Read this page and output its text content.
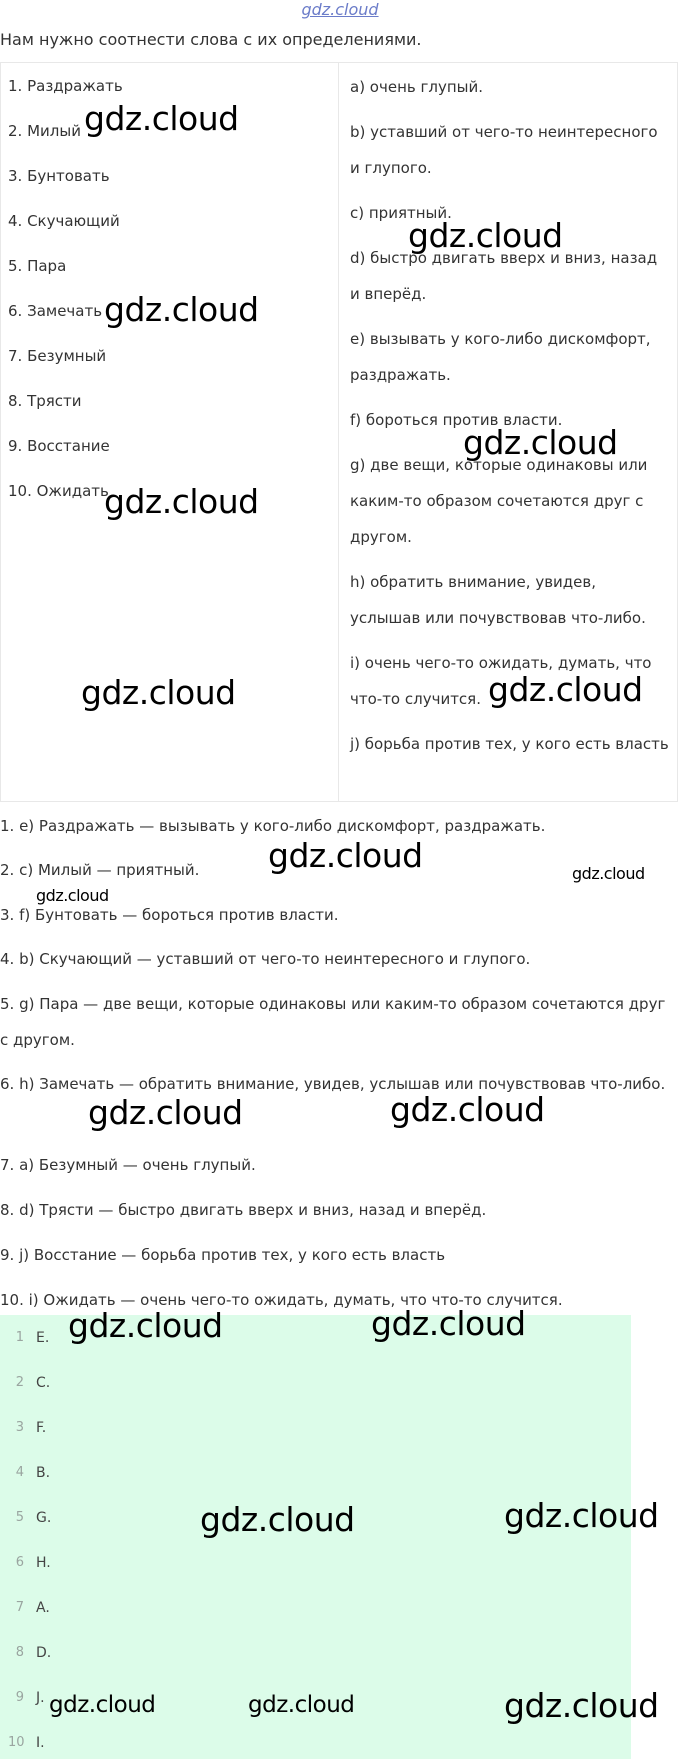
gdz.cloud
Нам нужно соотнести слова с их определениями.
1. Раздражать
2. Милый
3. Бунтовать
4. Скучающий
5. Пара
6. Замечать
7. Безумный
8. Трясти
9. Восстание
10. Ожидать
a) очень глупый.
b) уставший от чего-то неинтересного и глупого.
c) приятный.
d) быстро двигать вверх и вниз, назад и вперёд.
e) вызывать у кого-либо дискомфорт, раздражать.
f) бороться против власти.
g) две вещи, которые одинаковы или каким-то образом сочетаются друг с другом.
h) обратить внимание, увидев, услышав или почувствовав что-либо.
i) очень чего-то ожидать, думать, что что-то случится.
j) борьба против тех, у кого есть власть
1. e) Раздражать — вызывать у кого-либо дискомфорт, раздражать.
2. c) Милый — приятный.
3. f) Бунтовать — бороться против власти.
4. b) Скучающий — уставший от чего-то неинтересного и глупого.
5. g) Пара — две вещи, которые одинаковы или каким-то образом сочетаются друг с другом.
6. h) Замечать — обратить внимание, увидев, услышав или почувствовав что-либо.
7. a) Безумный — очень глупый.
8. d) Трясти — быстро двигать вверх и вниз, назад и вперёд.
9. j) Восстание — борьба против тех, у кого есть власть
10. i) Ожидать — очень чего-то ожидать, думать, что что-то случится.
1 E.
2 C.
3 F.
4 B.
5 G.
6 H.
7 A.
8 D.
9 J.
10 I.
gdz.cloud
gdz.cloud
gdz.cloud
gdz.cloud
gdz.cloud
gdz.cloud	gdz.cloud
gdz.cloud	gdz.cloud
gdz.cloud
gdz.cloud	gdz.cloud
gdz.cloud	gdz.cloud
gdz.cloud	gdz.cloud
gdz.cloud	gdz.cloud	gdz.cloud
